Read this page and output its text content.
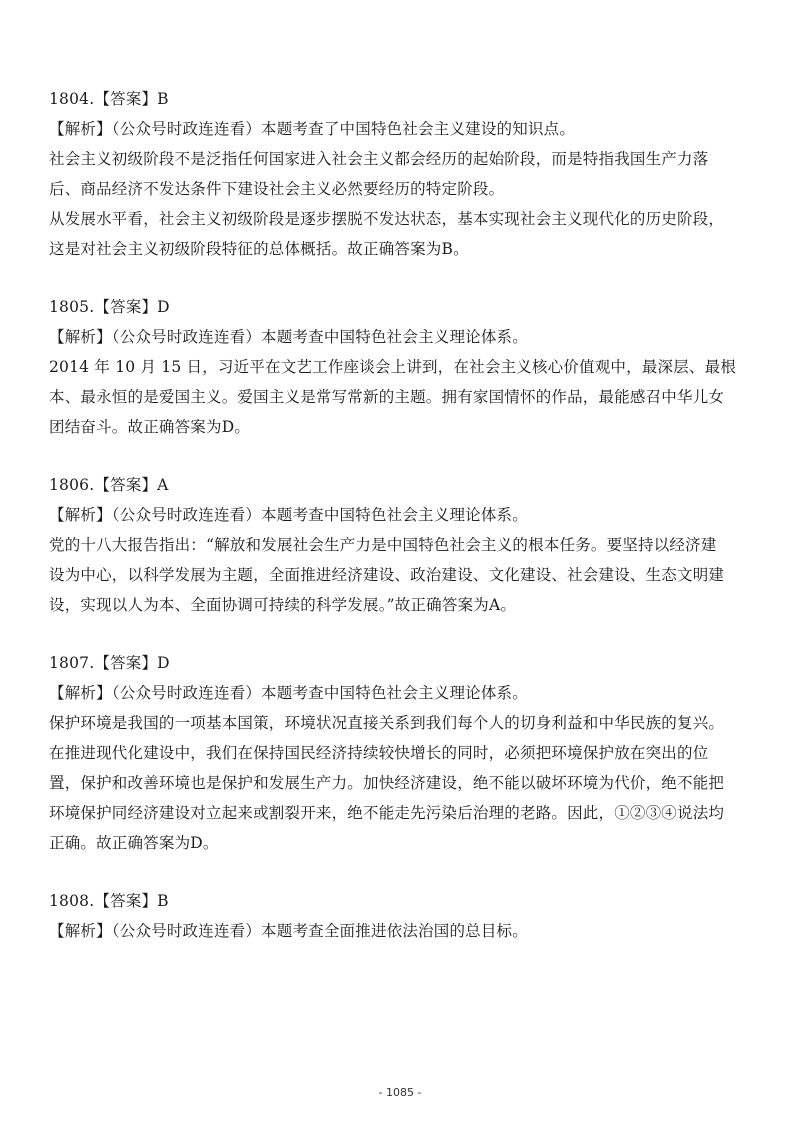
1804.【答案】B
【解析】（公众号时政连连看）本题考查了中国特色社会主义建设的知识点。
社会主义初级阶段不是泛指任何国家进入社会主义都会经历的起始阶段，而是特指我国生产力落
后、商品经济不发达条件下建设社会主义必然要经历的特定阶段。
从发展水平看，社会主义初级阶段是逐步摆脱不发达状态，基本实现社会主义现代化的历史阶段，
这是对社会主义初级阶段特征的总体概括。故正确答案为B。
1805.【答案】D
【解析】（公众号时政连连看）本题考查中国特色社会主义理论体系。
2014 年 10 月 15 日，习近平在文艺工作座谈会上讲到，在社会主义核心价值观中，最深层、最根
本、最永恒的是爱国主义。爱国主义是常写常新的主题。拥有家国情怀的作品，最能感召中华儿女
团结奋斗。故正确答案为D。
1806.【答案】A
【解析】（公众号时政连连看）本题考查中国特色社会主义理论体系。
党的十八大报告指出：“解放和发展社会生产力是中国特色社会主义的根本任务。要坚持以经济建
设为中心，以科学发展为主题，全面推进经济建设、政治建设、文化建设、社会建设、生态文明建
设，实现以人为本、全面协调可持续的科学发展。”故正确答案为A。
1807.【答案】D
【解析】（公众号时政连连看）本题考查中国特色社会主义理论体系。
保护环境是我国的一项基本国策，环境状况直接关系到我们每个人的切身利益和中华民族的复兴。
在推进现代化建设中，我们在保持国民经济持续较快增长的同时，必须把环境保护放在突出的位
置，保护和改善环境也是保护和发展生产力。加快经济建设，绝不能以破坏环境为代价，绝不能把
环境保护同经济建设对立起来或割裂开来，绝不能走先污染后治理的老路。因此，①②③④说法均
正确。故正确答案为D。
1808.【答案】B
【解析】（公众号时政连连看）本题考查全面推进依法治国的总目标。
- 1085 -
